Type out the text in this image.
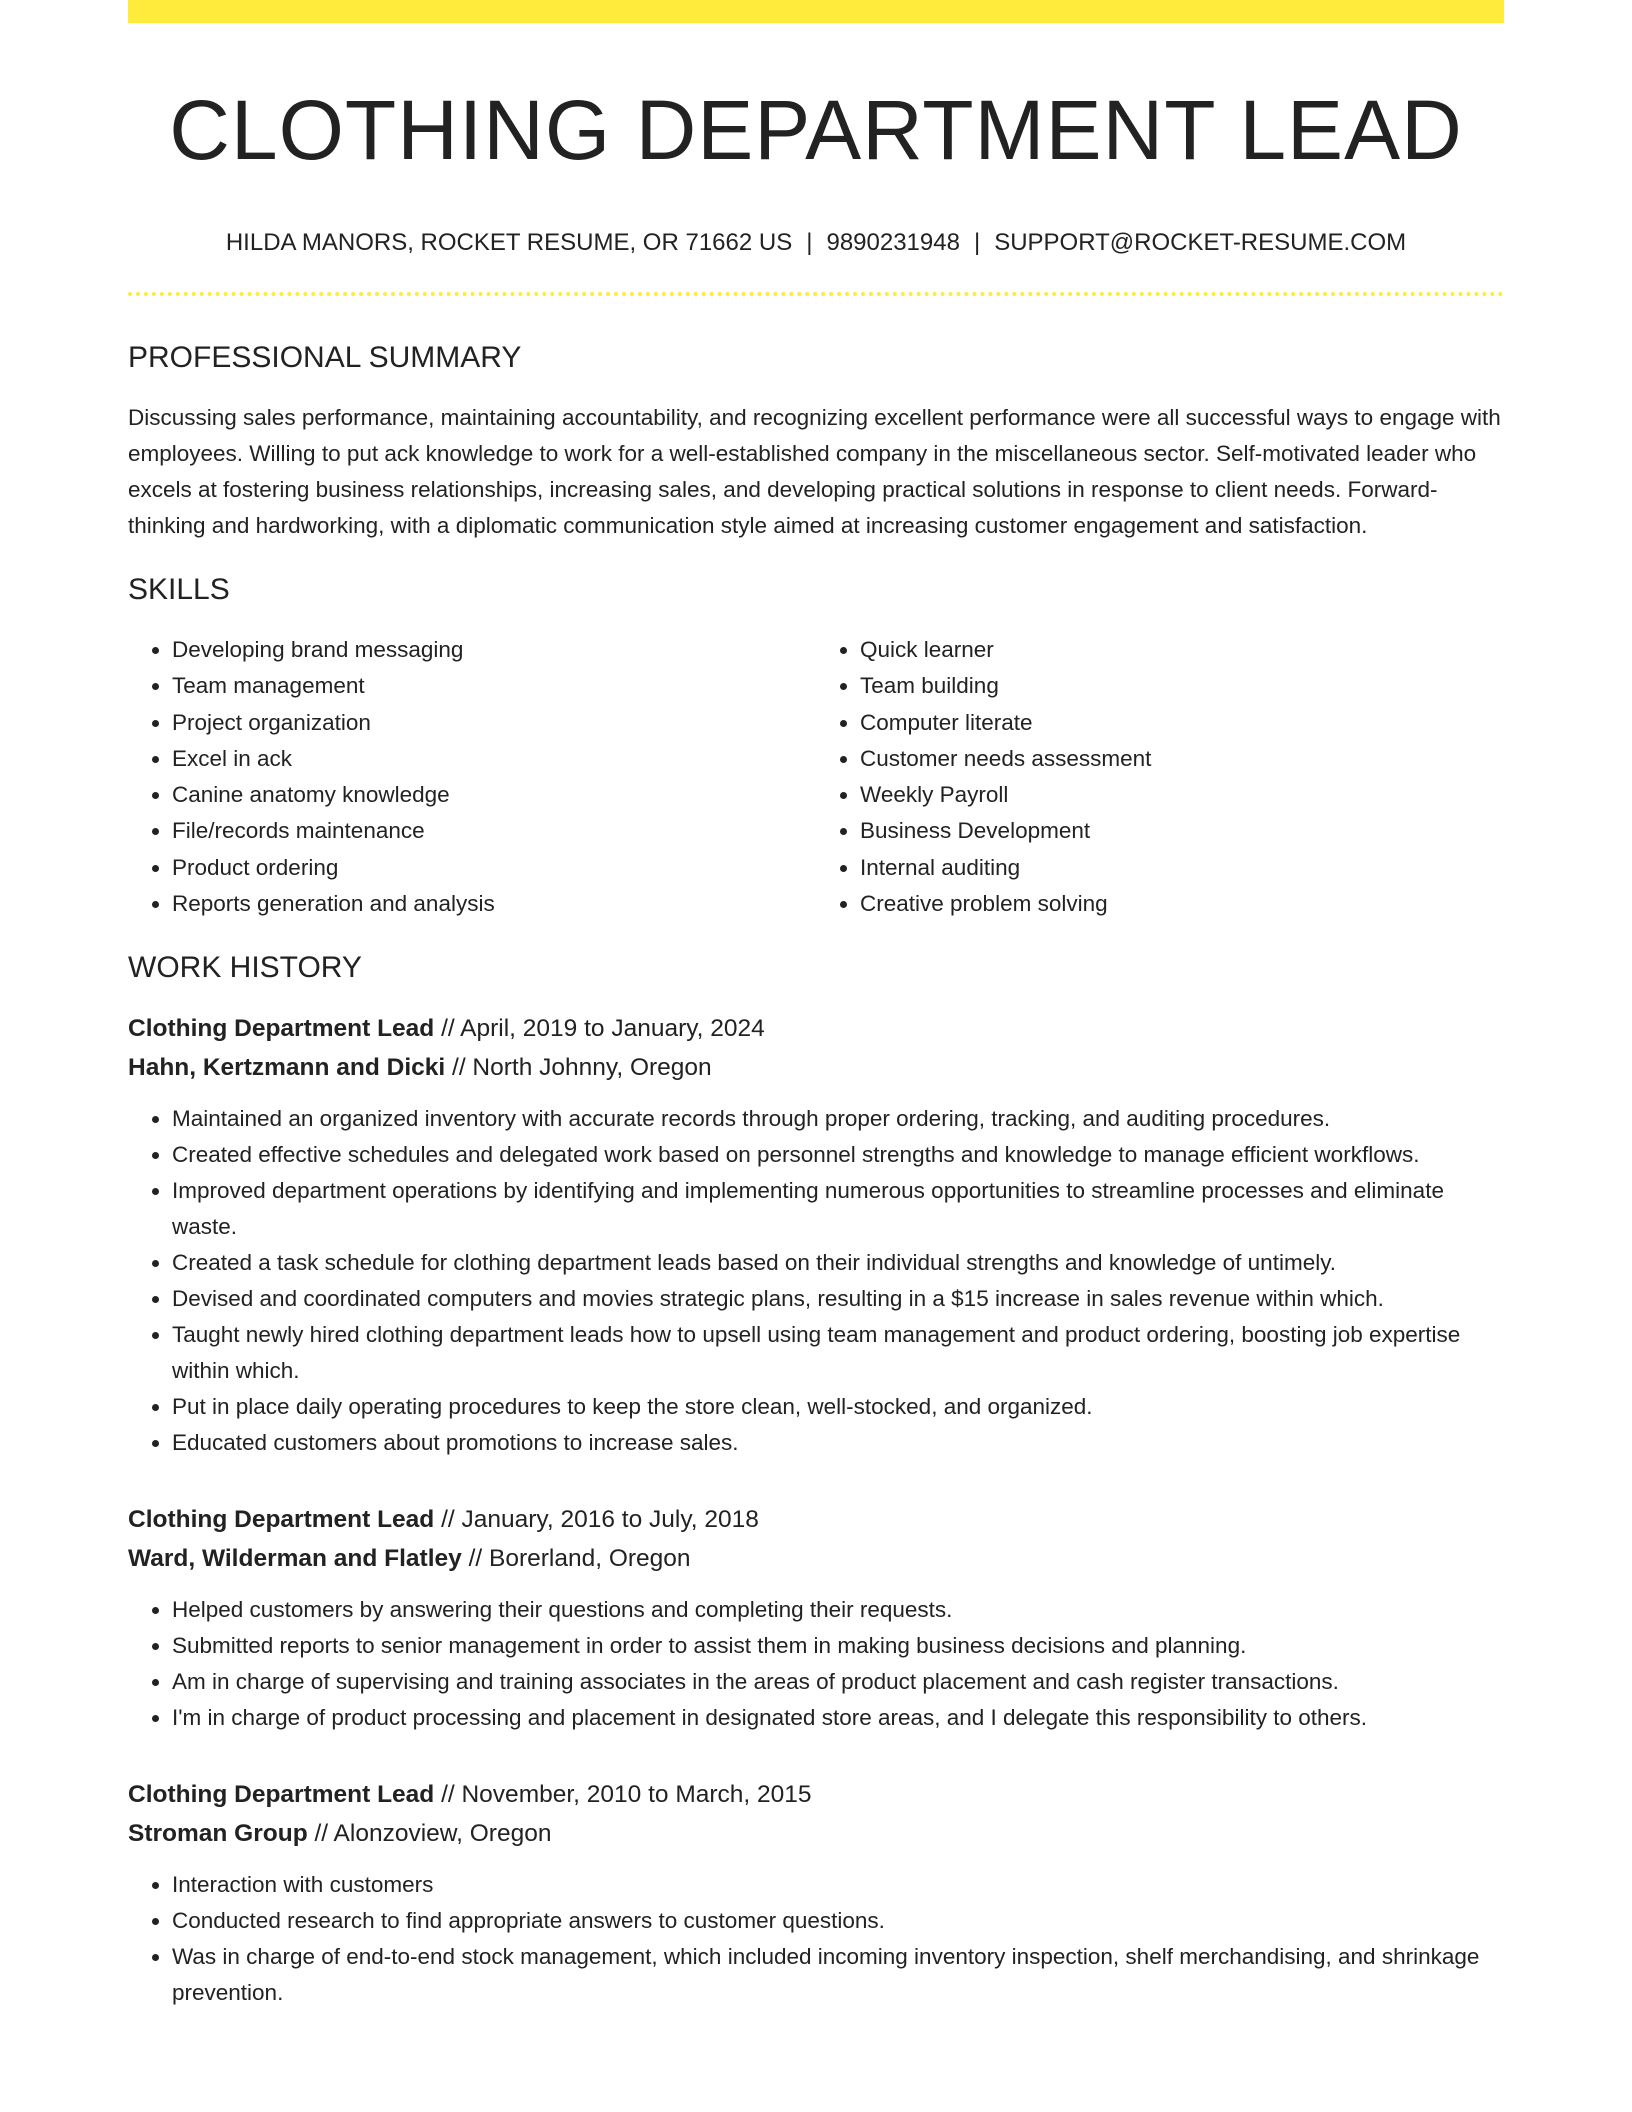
CLOTHING DEPARTMENT LEAD
HILDA MANORS, ROCKET RESUME, OR 71662 US | 9890231948 | SUPPORT@ROCKET-RESUME.COM
PROFESSIONAL SUMMARY

Discussing sales performance, maintaining accountability, and recognizing excellent performance were all successful ways to engage with employees. Willing to put ack knowledge to work for a well-established company in the miscellaneous sector. Self-motivated leader who excels at fostering business relationships, increasing sales, and developing practical solutions in response to client needs. Forward-thinking and hardworking, with a diplomatic communication style aimed at increasing customer engagement and satisfaction.

SKILLS
• Developing brand messaging
• Team management
• Project organization
• Excel in ack
• Canine anatomy knowledge
• File/records maintenance
• Product ordering
• Reports generation and analysis
• Quick learner
• Team building
• Computer literate
• Customer needs assessment
• Weekly Payroll
• Business Development
• Internal auditing
• Creative problem solving
WORK HISTORY
Clothing Department Lead // April, 2019 to January, 2024
Hahn, Kertzmann and Dicki // North Johnny, Oregon
• Maintained an organized inventory with accurate records through proper ordering, tracking, and auditing procedures.
• Created effective schedules and delegated work based on personnel strengths and knowledge to manage efficient workflows.
• Improved department operations by identifying and implementing numerous opportunities to streamline processes and eliminate waste.
• Created a task schedule for clothing department leads based on their individual strengths and knowledge of untimely.
• Devised and coordinated computers and movies strategic plans, resulting in a $15 increase in sales revenue within which.
• Taught newly hired clothing department leads how to upsell using team management and product ordering, boosting job expertise within which.
• Put in place daily operating procedures to keep the store clean, well-stocked, and organized.
• Educated customers about promotions to increase sales.
Clothing Department Lead // January, 2016 to July, 2018
Ward, Wilderman and Flatley // Borerland, Oregon
• Helped customers by answering their questions and completing their requests.
• Submitted reports to senior management in order to assist them in making business decisions and planning.
• Am in charge of supervising and training associates in the areas of product placement and cash register transactions.
• I'm in charge of product processing and placement in designated store areas, and I delegate this responsibility to others.
Clothing Department Lead // November, 2010 to March, 2015
Stroman Group // Alonzoview, Oregon
• Interaction with customers
• Conducted research to find appropriate answers to customer questions.
• Was in charge of end-to-end stock management, which included incoming inventory inspection, shelf merchandising, and shrinkage prevention.
